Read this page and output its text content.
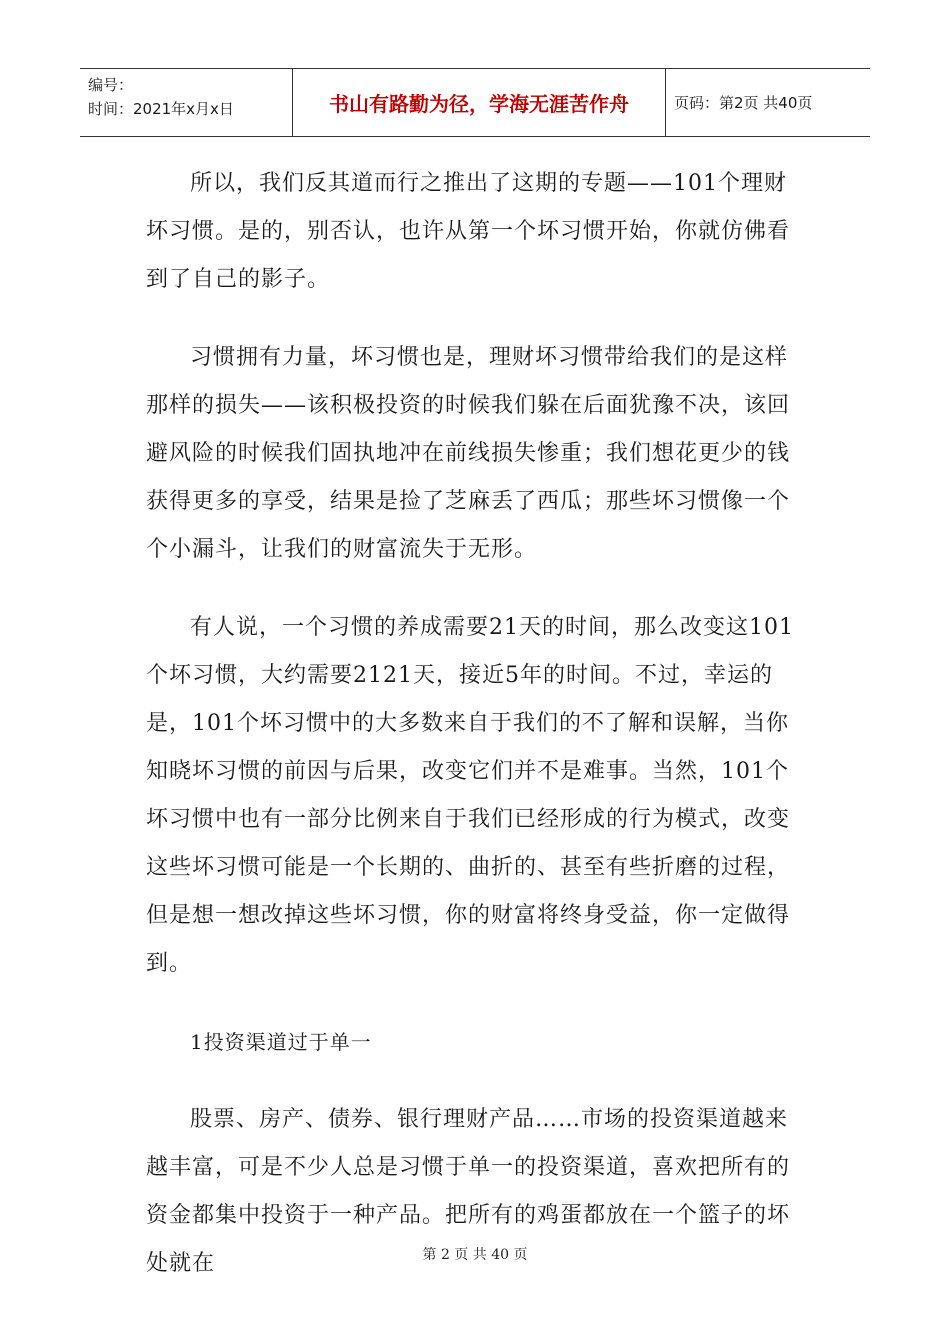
编号：
时间：2021年x月x日	书山有路勤为径，学海无涯苦作舟	页码：第2页 共40页

所以，我们反其道而行之推出了这期的专题——101个理财坏习惯。是的，别否认，也许从第一个坏习惯开始，你就仿佛看到了自己的影子。

习惯拥有力量，坏习惯也是，理财坏习惯带给我们的是这样那样的损失——该积极投资的时候我们躲在后面犹豫不决，该回避风险的时候我们固执地冲在前线损失惨重；我们想花更少的钱获得更多的享受，结果是捡了芝麻丢了西瓜；那些坏习惯像一个个小漏斗，让我们的财富流失于无形。

有人说，一个习惯的养成需要21天的时间，那么改变这101个坏习惯，大约需要2121天，接近5年的时间。不过，幸运的是，101个坏习惯中的大多数来自于我们的不了解和误解，当你知晓坏习惯的前因与后果，改变它们并不是难事。当然，101个坏习惯中也有一部分比例来自于我们已经形成的行为模式，改变这些坏习惯可能是一个长期的、曲折的、甚至有些折磨的过程，但是想一想改掉这些坏习惯，你的财富将终身受益，你一定做得到。

1投资渠道过于单一

股票、房产、债券、银行理财产品……市场的投资渠道越来越丰富，可是不少人总是习惯于单一的投资渠道，喜欢把所有的资金都集中投资于一种产品。把所有的鸡蛋都放在一个篮子的坏处就在	第 2 页 共 40 页
